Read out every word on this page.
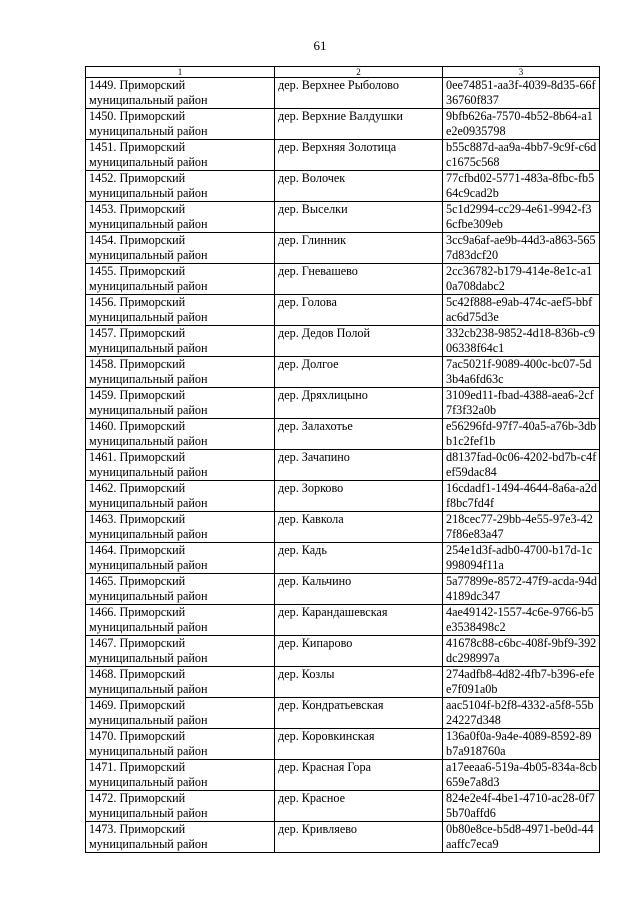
61
1	2	3

1449. Приморский
муниципальный район	дер. Верхнее Рыболово	0ee74851-aa3f-4039-8d35-66f36760f837

1450. Приморский
муниципальный район	дер. Верхние Валдушки	9bfb626a-7570-4b52-8b64-a1e2e0935798

1451. Приморский
муниципальный район	дер. Верхняя Золотица	b55c887d-aa9a-4bb7-9c9f-c6dc1675c568

1452. Приморский
муниципальный район	дер. Волочек	77cfbd02-5771-483a-8fbc-fb564c9cad2b

1453. Приморский
муниципальный район	дер. Выселки	5c1d2994-cc29-4e61-9942-f36cfbe309eb

1454. Приморский
муниципальный район	дер. Глинник	3cc9a6af-ae9b-44d3-a863-5657d83dcf20

1455. Приморский
муниципальный район	дер. Гневашево	2cc36782-b179-414e-8e1c-a10a708dabc2

1456. Приморский
муниципальный район	дер. Голова	5c42f888-e9ab-474c-aef5-bbfac6d75d3e

1457. Приморский
муниципальный район	дер. Дедов Полой	332cb238-9852-4d18-836b-c906338f64c1

1458. Приморский
муниципальный район	дер. Долгое	7ac5021f-9089-400c-bc07-5d3b4a6fd63c

1459. Приморский
муниципальный район	дер. Дряхлицыно	3109ed11-fbad-4388-aea6-2cf7f3f32a0b

1460. Приморский
муниципальный район	дер. Залахотье	e56296fd-97f7-40a5-a76b-3dbb1c2fef1b

1461. Приморский
муниципальный район	дер. Зачапино	d8137fad-0c06-4202-bd7b-c4fef59dac84

1462. Приморский
муниципальный район	дер. Зорково	16cdadf1-1494-4644-8a6a-a2df8bc7fd4f

1463. Приморский
муниципальный район	дер. Кавкола	218cec77-29bb-4e55-97e3-427f86e83a47

1464. Приморский
муниципальный район	дер. Кадь	254e1d3f-adb0-4700-b17d-1c998094f11a

1465. Приморский
муниципальный район	дер. Кальчино	5a77899e-8572-47f9-acda-94d4189dc347

1466. Приморский
муниципальный район	дер. Карандашевская	4ae49142-1557-4c6e-9766-b5e3538498c2

1467. Приморский
муниципальный район	дер. Кипарово	41678c88-c6bc-408f-9bf9-392dc298997a

1468. Приморский
муниципальный район	дер. Козлы	274adfb8-4d82-4fb7-b396-efee7f091a0b

1469. Приморский
муниципальный район	дер. Кондратьевская	aac5104f-b2f8-4332-a5f8-55b24227d348

1470. Приморский
муниципальный район	дер. Коровкинская	136a0f0a-9a4e-4089-8592-89b7a918760a

1471. Приморский
муниципальный район	дер. Красная Гора	a17eeaa6-519a-4b05-834a-8cb659e7a8d3

1472. Приморский
муниципальный район	дер. Красное	824e2e4f-4be1-4710-ac28-0f75b70affd6

1473. Приморский
муниципальный район	дер. Кривляево	0b80e8ce-b5d8-4971-be0d-44aaffc7eca9
